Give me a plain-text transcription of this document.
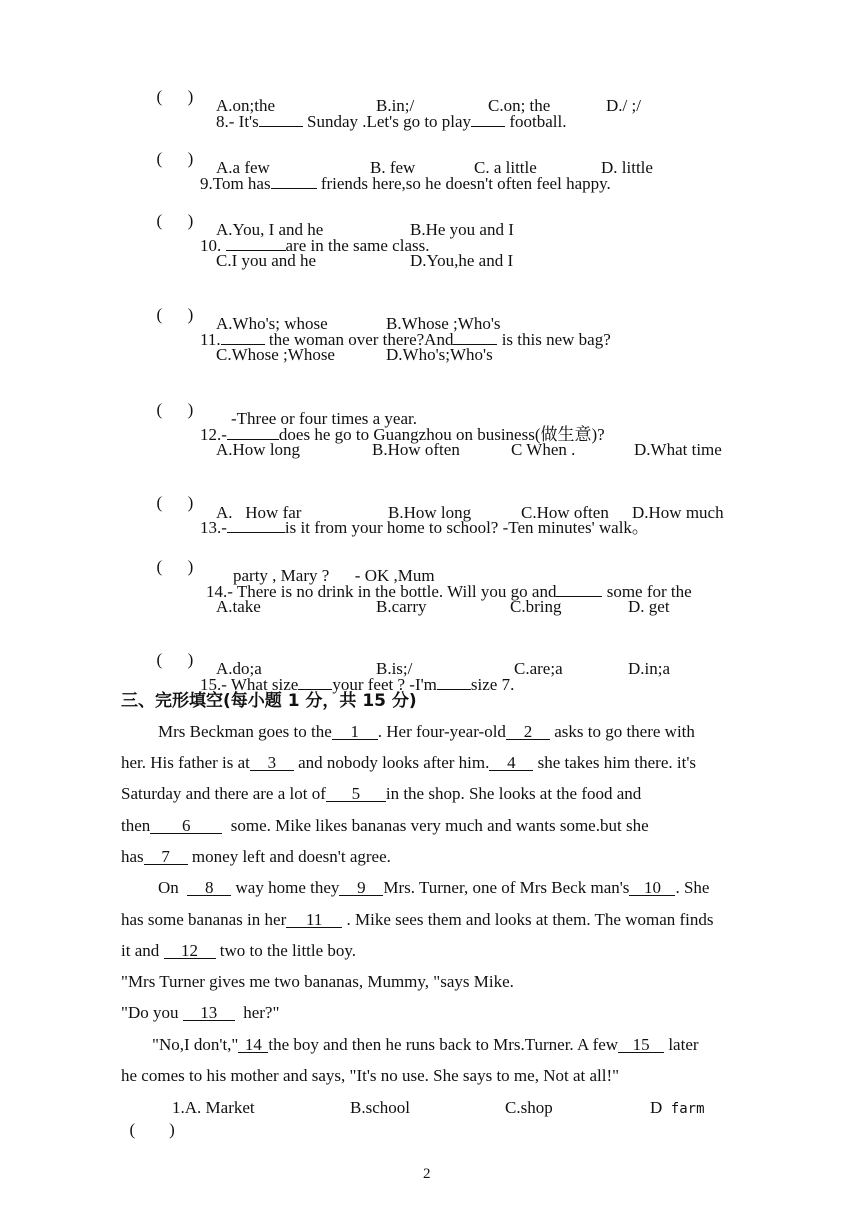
(      )

8.- It's	Sunday .Let's go to play football.

A.on;the	B.in;/	C.on; the	D./ ;/

(      )

9.Tom has	friends here,so he doesn't often feel happy.

A.a few	B. few	C. a little	D. little

(      )

10.	are in the same class.

A.You, I and he	B.He you and I
C.I you and he	D.You,he and I

(      )

11.	the woman over there?And	is this new bag?

A.Who's; whose	B.Whose ;Who's
C.Whose ;Whose	D.Who's;Who's

(      )

12.-	does he go to Guangzhou on business(做生意)?

-Three or four times a year.
A.How long	B.How often	C When .	D.What time

(      )

13.-	is it from your home to school? -Ten minutes' walk。

A.   How far	B.How long	C.How often D.How much

(      )

14.- There is no drink in the bottle. Will you go and	some for the

party , Mary ?      - OK ,Mum
A.take	B.carry	C.bring	D. get

(      )

15.- What size your feet ? -I'm size 7.

A.do;a	B.is;/	C.are;a	D.in;a
三、完形填空(每小题 1 分，共 15 分)
Mrs Beckman goes to the 1 . Her four-year-old 2 asks to go there with
her. His father is at 3 and nobody looks after him. 4 she takes him there. it's
Saturday and there are a lot of 5 in the shop. She looks at the food and
then 6 some. Mike likes bananas very much and wants some.but she
has 7 money left and doesn't agree.
On 8 way home they 9 Mrs. Turner, one of Mrs Beck man's 10 . She
has some bananas in her 11 . Mike sees them and looks at them. The woman finds
it and 12 two to the little boy.
"Mrs Turner gives me two bananas, Mummy, "says Mike.
"Do you 13 her?"
"No,I don't," 14 the boy and then he runs back to Mrs.Turner. A few 15 later
he comes to his mother and says, "It's no use. She says to me, Not at all!"

(        )

1.A. Market	B.school	C.shop	D farm
2
